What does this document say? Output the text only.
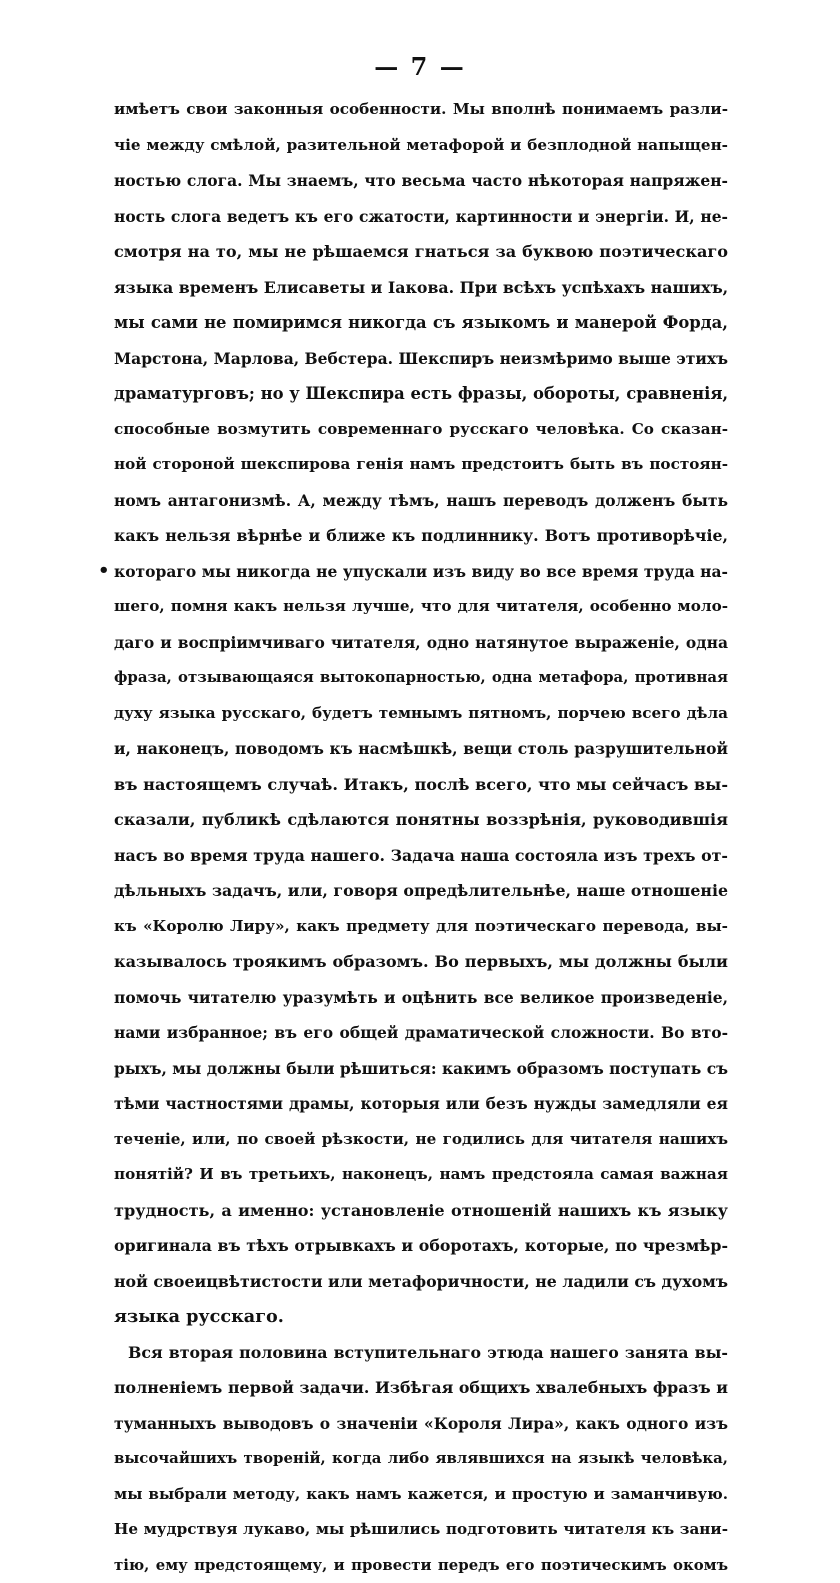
— 7 —
имѣетъ свои законныя особенности. Мы вполнѣ понимаемъ разли-
чіе между смѣлой, разительной метафорой и безплодной напыщен-
ностью слога. Мы знаемъ, что весьма часто нѣкоторая напряжен-
ность слога ведетъ къ его сжатости, картинности и энергіи. И, не-
смотря на то, мы не рѣшаемся гнаться за буквою поэтическаго
языка временъ Елисаветы и Іакова. При всѣхъ успѣхахъ нашихъ,
мы сами не помиримся никогда съ языкомъ и манерой Форда,
Марстона, Марлова, Вебстера. Шекспиръ неизмѣримо выше этихъ
драматурговъ; но у Шекспира есть фразы, обороты, сравненія,
способные возмутить современнаго русскаго человѣка. Со сказан-
ной стороной шекспирова генія намъ предстоитъ быть въ постоян-
номъ антагонизмѣ. А, между тѣмъ, нашъ переводъ долженъ быть
какъ нельзя вѣрнѣе и ближе къ подлиннику. Вотъ противорѣчіе,
котораго мы никогда не упускали изъ виду во все время труда на-
шего, помня какъ нельзя лучше, что для читателя, особенно моло-
даго и воспріимчиваго читателя, одно натянутое выраженіе, одна
фраза, отзывающаяся вытокопарностью, одна метафора, противная
духу языка русскаго, будетъ темнымъ пятномъ, порчею всего дѣла
и, наконецъ, поводомъ къ насмѣшкѣ, вещи столь разрушительной
въ настоящемъ случаѣ. Итакъ, послѣ всего, что мы сейчасъ вы-
сказали, публикѣ сдѣлаются понятны воззрѣнія, руководившія
насъ во время труда нашего. Задача наша состояла изъ трехъ от-
дѣльныхъ задачъ, или, говоря опредѣлительнѣе, наше отношеніе
къ «Королю Лиру», какъ предмету для поэтическаго перевода, вы-
казывалось троякимъ образомъ. Во первыхъ, мы должны были
помочь читателю уразумѣть и оцѣнить все великое произведеніе,
нами избранное; въ его общей драматической сложности. Во вто-
рыхъ, мы должны были рѣшиться: какимъ образомъ поступать съ
тѣми частностями драмы, которыя или безъ нужды замедляли ея
теченіе, или, по своей рѣзкости, не годились для читателя нашихъ
понятій? И въ третьихъ, наконецъ, намъ предстояла самая важная
трудность, а именно: установленіе отношеній нашихъ къ языку
оригинала въ тѣхъ отрывкахъ и оборотахъ, которые, по чрезмѣр-
ной своеицвѣтистости или метафоричности, не ладили съ духомъ
языка русскаго.
Вся вторая половина вступительнаго этюда нашего занята вы-
полненіемъ первой задачи. Избѣгая общихъ хвалебныхъ фразъ и
туманныхъ выводовъ о значеніи «Короля Лира», какъ одного изъ
высочайшихъ твореній, когда либо являвшихся на языкѣ человѣка,
мы выбрали методу, какъ намъ кажется, и простую и заманчивую.
Не мудрствуя лукаво, мы рѣшились подготовить читателя къ зани-
тію, ему предстоящему, и провести передъ его поэтическимъ окомъ
•
